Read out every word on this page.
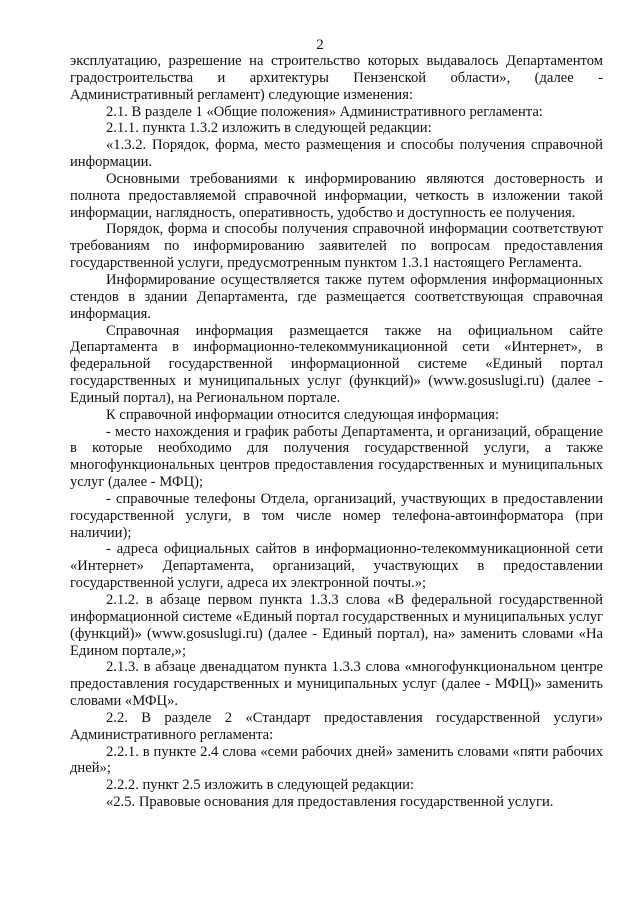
2

эксплуатацию, разрешение на строительство которых выдавалось Департаментом градостроительства и архитектуры Пензенской области», (далее - Административный регламент) следующие изменения:

2.1. В разделе 1 «Общие положения» Административного регламента:

2.1.1. пункта 1.3.2 изложить в следующей редакции:

«1.3.2. Порядок, форма, место размещения и способы получения справочной информации.

Основными требованиями к информированию являются достоверность и полнота предоставляемой справочной информации, четкость в изложении такой информации, наглядность, оперативность, удобство и доступность ее получения.

Порядок, форма и способы получения справочной информации соответствуют требованиям по информированию заявителей по вопросам предоставления государственной услуги, предусмотренным пунктом 1.3.1 настоящего Регламента.

Информирование осуществляется также путем оформления информационных стендов в здании Департамента, где размещается соответствующая справочная информация.

Справочная информация размещается также на официальном сайте Департамента в информационно-телекоммуникационной сети «Интернет», в федеральной государственной информационной системе «Единый портал государственных и муниципальных услуг (функций)» (www.gosuslugi.ru) (далее - Единый портал), на Региональном портале.

К справочной информации относится следующая информация:

- место нахождения и график работы Департамента, и организаций, обращение в которые необходимо для получения государственной услуги, а также многофункциональных центров предоставления государственных и муниципальных услуг (далее - МФЦ);

- справочные телефоны Отдела, организаций, участвующих в предоставлении государственной услуги, в том числе номер телефона-автоинформатора (при наличии);

- адреса официальных сайтов в информационно-телекоммуникационной сети «Интернет» Департамента, организаций, участвующих в предоставлении государственной услуги, адреса их электронной почты.»;

2.1.2. в абзаце первом пункта 1.3.3 слова «В федеральной государственной информационной системе «Единый портал государственных и муниципальных услуг (функций)» (www.gosuslugi.ru) (далее - Единый портал), на» заменить словами «На Едином портале,»;

2.1.3. в абзаце двенадцатом пункта 1.3.3 слова «многофункциональном центре предоставления государственных и муниципальных услуг (далее - МФЦ)» заменить словами «МФЦ».

2.2. В разделе 2 «Стандарт предоставления государственной услуги» Административного регламента:

2.2.1. в пункте 2.4 слова «семи рабочих дней» заменить словами «пяти рабочих дней»;

2.2.2. пункт 2.5 изложить в следующей редакции:

«2.5. Правовые основания для предоставления государственной услуги.
